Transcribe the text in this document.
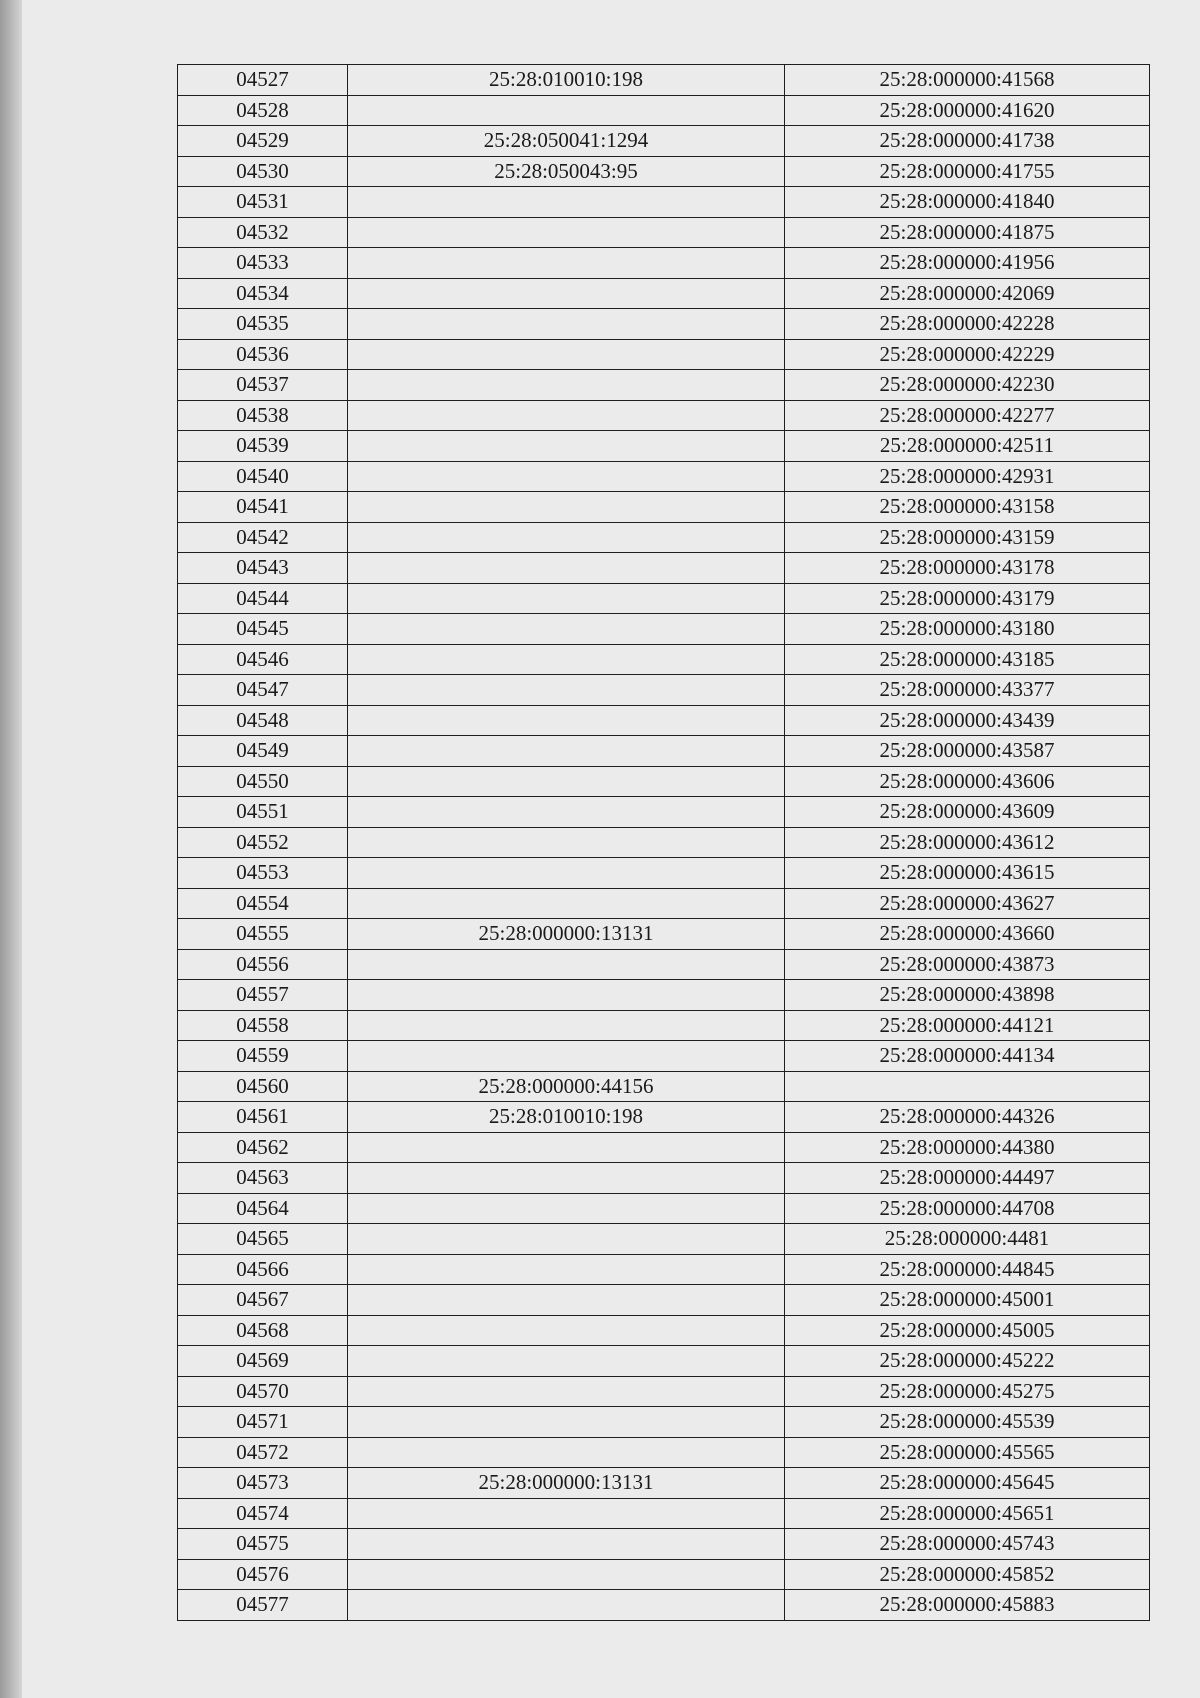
04527	25:28:010010:198	25:28:000000:41568
04528		25:28:000000:41620
04529	25:28:050041:1294	25:28:000000:41738
04530	25:28:050043:95	25:28:000000:41755
04531		25:28:000000:41840
04532		25:28:000000:41875
04533		25:28:000000:41956
04534		25:28:000000:42069
04535		25:28:000000:42228
04536		25:28:000000:42229
04537		25:28:000000:42230
04538		25:28:000000:42277
04539		25:28:000000:42511
04540		25:28:000000:42931
04541		25:28:000000:43158
04542		25:28:000000:43159
04543		25:28:000000:43178
04544		25:28:000000:43179
04545		25:28:000000:43180
04546		25:28:000000:43185
04547		25:28:000000:43377
04548		25:28:000000:43439
04549		25:28:000000:43587
04550		25:28:000000:43606
04551		25:28:000000:43609
04552		25:28:000000:43612
04553		25:28:000000:43615
04554		25:28:000000:43627
04555	25:28:000000:13131	25:28:000000:43660
04556		25:28:000000:43873
04557		25:28:000000:43898
04558		25:28:000000:44121
04559		25:28:000000:44134
04560	25:28:000000:44156	
04561	25:28:010010:198	25:28:000000:44326
04562		25:28:000000:44380
04563		25:28:000000:44497
04564		25:28:000000:44708
04565		25:28:000000:4481
04566		25:28:000000:44845
04567		25:28:000000:45001
04568		25:28:000000:45005
04569		25:28:000000:45222
04570		25:28:000000:45275
04571		25:28:000000:45539
04572		25:28:000000:45565
04573	25:28:000000:13131	25:28:000000:45645
04574		25:28:000000:45651
04575		25:28:000000:45743
04576		25:28:000000:45852
04577		25:28:000000:45883
